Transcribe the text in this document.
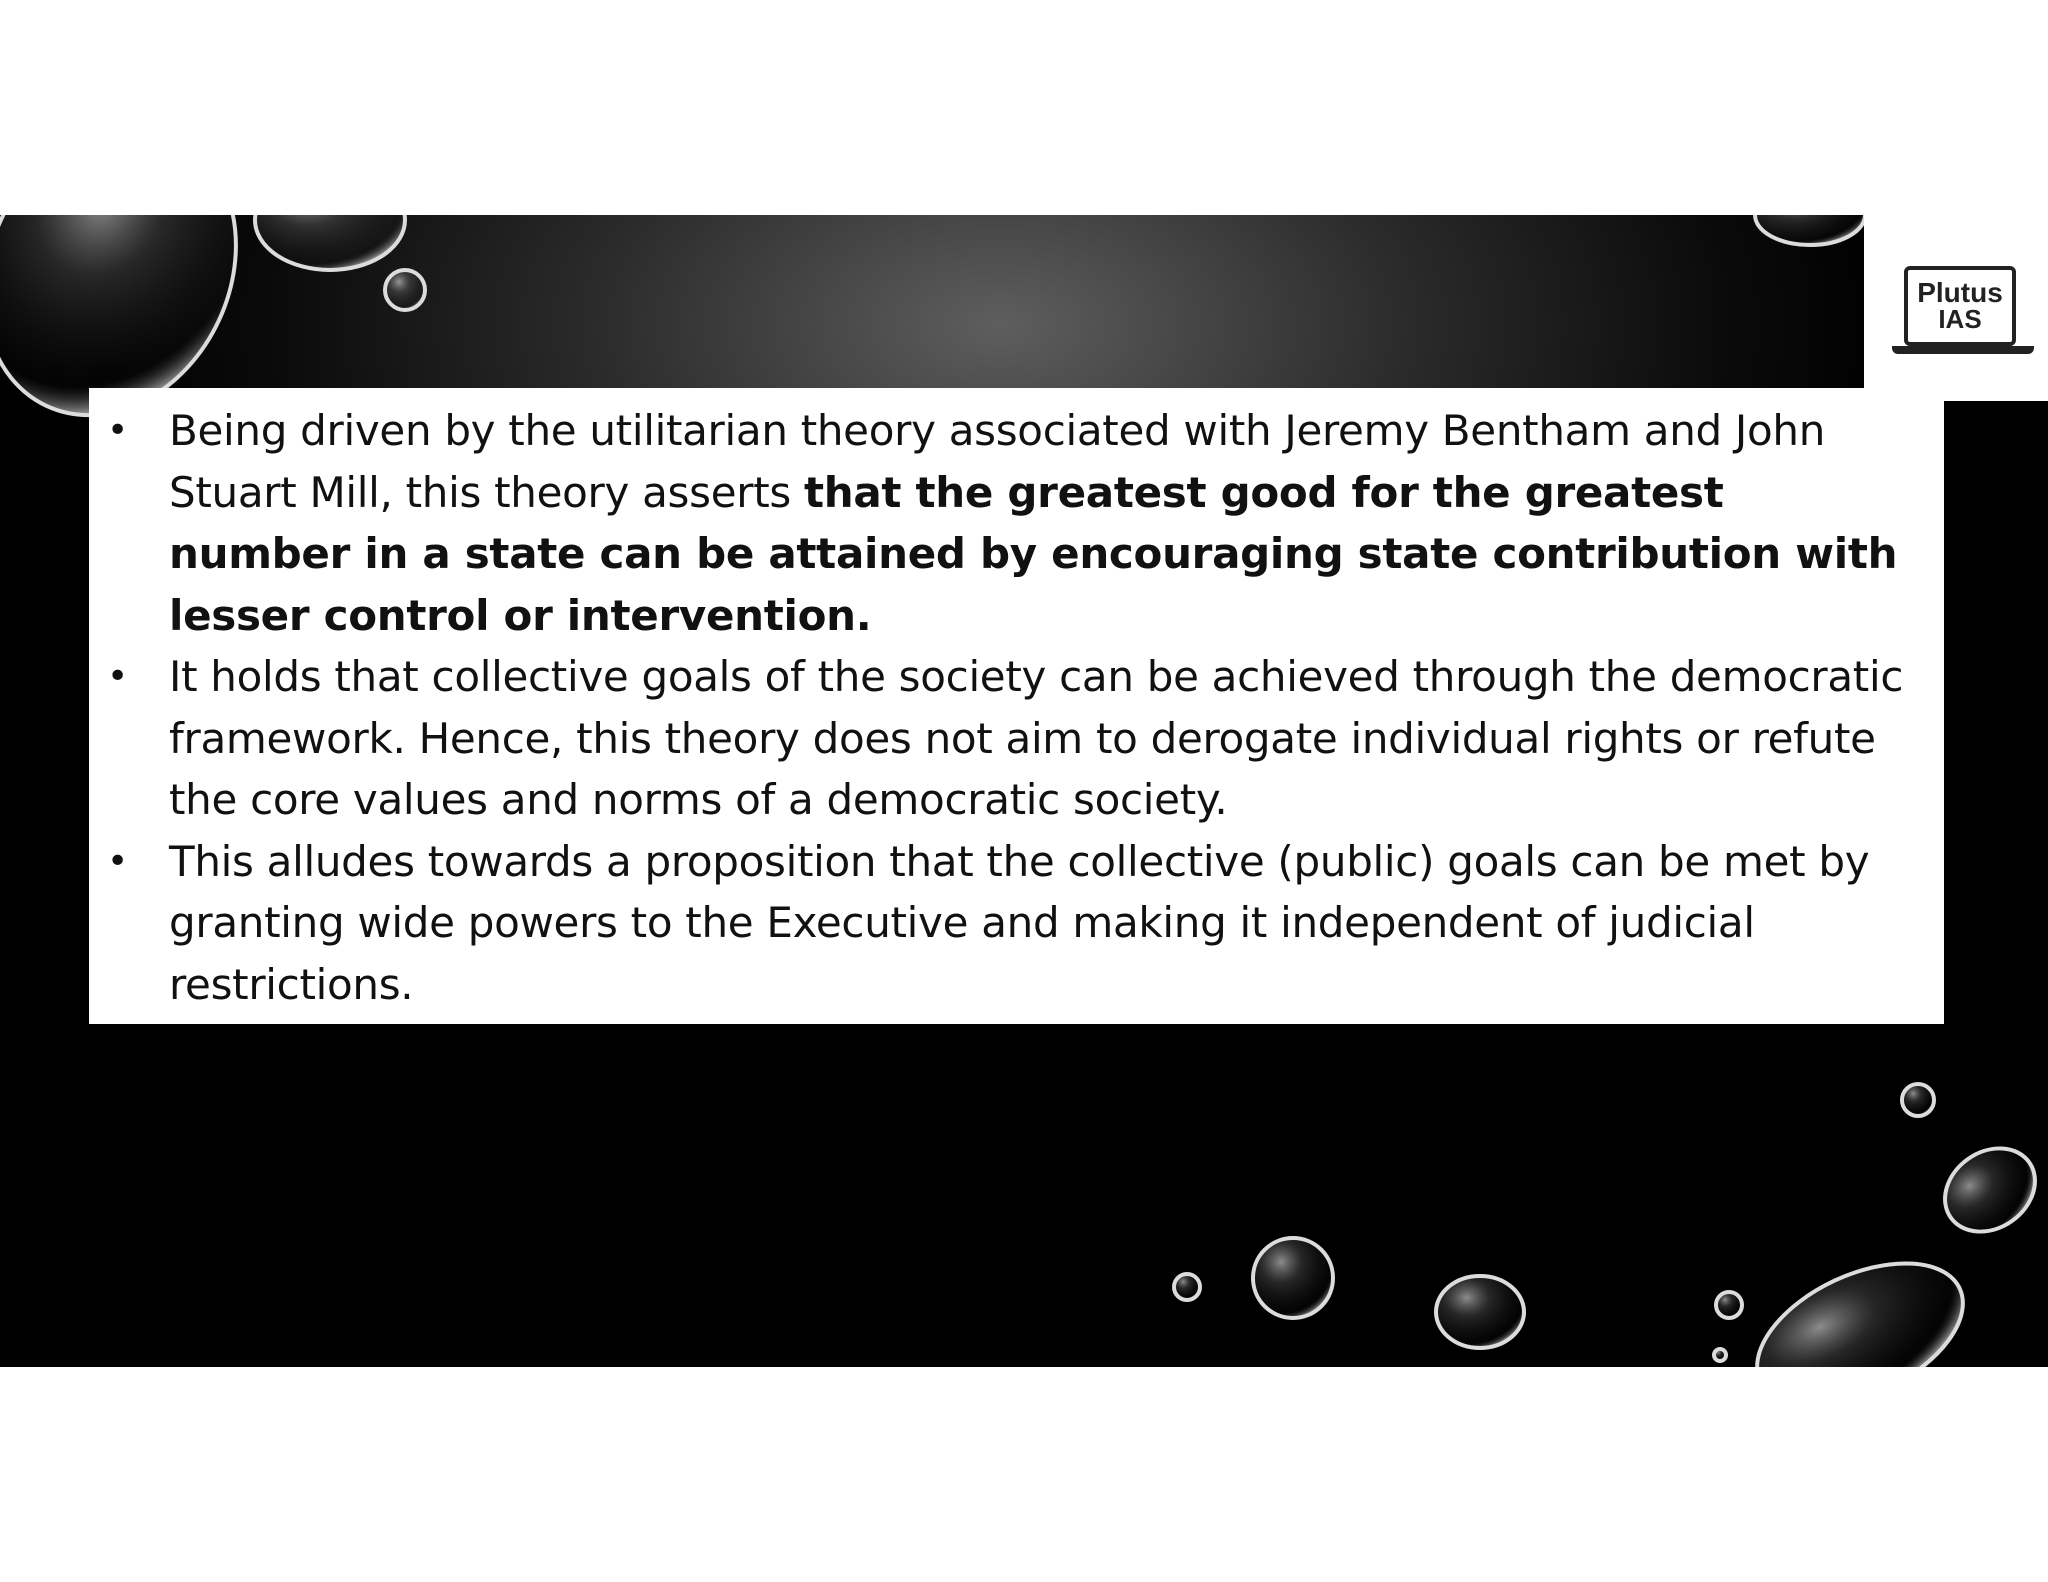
Plutus
IAS
• Being driven by the utilitarian theory associated with Jeremy Bentham and John Stuart Mill, this theory asserts that the greatest good for the greatest number in a state can be attained by encouraging state contribution with lesser control or intervention.
• It holds that collective goals of the society can be achieved through the democratic framework. Hence, this theory does not aim to derogate individual rights or refute the core values and norms of a democratic society.
• This alludes towards a proposition that the collective (public) goals can be met by granting wide powers to the Executive and making it independent of judicial restrictions.
